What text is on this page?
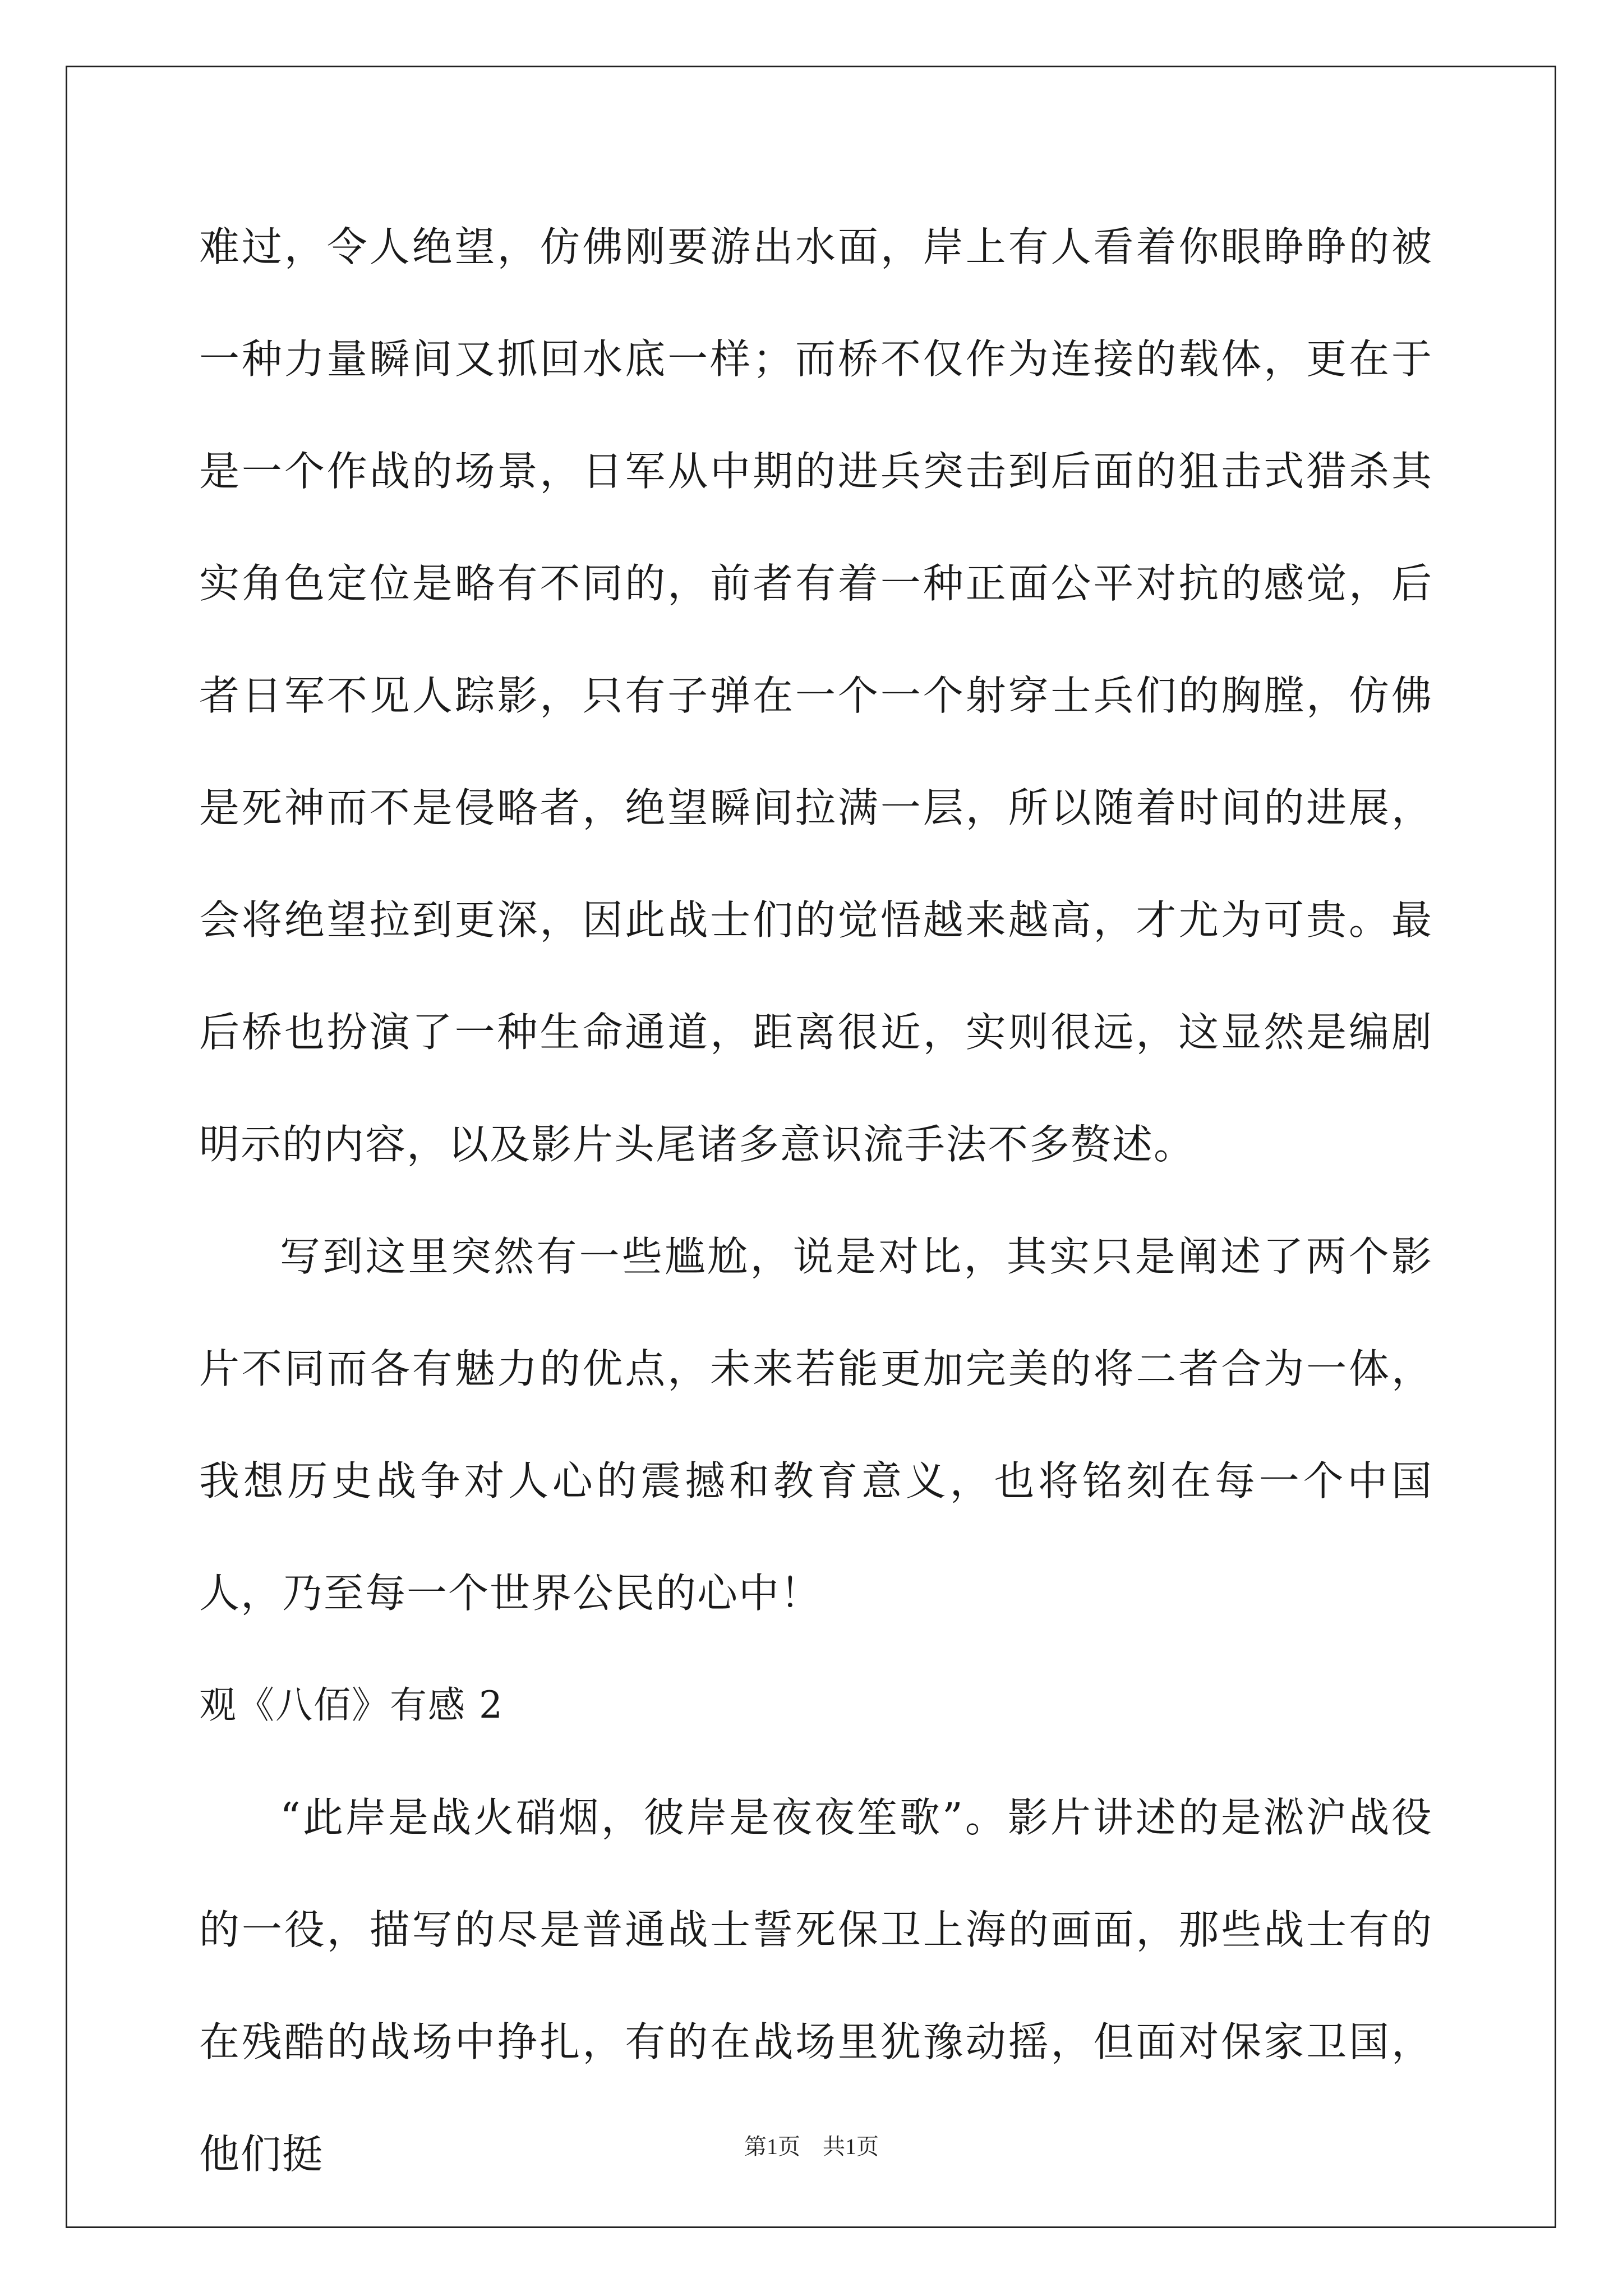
难过，令人绝望，仿佛刚要游出水面，岸上有人看着你眼睁睁的被一种力量瞬间又抓回水底一样；而桥不仅作为连接的载体，更在于是一个作战的场景，日军从中期的进兵突击到后面的狙击式猎杀其实角色定位是略有不同的，前者有着一种正面公平对抗的感觉，后者日军不见人踪影，只有子弹在一个一个射穿士兵们的胸膛，仿佛是死神而不是侵略者，绝望瞬间拉满一层，所以随着时间的进展，会将绝望拉到更深，因此战士们的觉悟越来越高，才尤为可贵。最后桥也扮演了一种生命通道，距离很近，实则很远，这显然是编剧明示的内容，以及影片头尾诸多意识流手法不多赘述。

写到这里突然有一些尴尬，说是对比，其实只是阐述了两个影片不同而各有魅力的优点，未来若能更加完美的将二者合为一体，我想历史战争对人心的震撼和教育意义，也将铭刻在每一个中国人，乃至每一个世界公民的心中！

观《八佰》有感 2

“此岸是战火硝烟，彼岸是夜夜笙歌”。影片讲述的是淞沪战役的一役，描写的尽是普通战士誓死保卫上海的画面，那些战士有的在残酷的战场中挣扎，有的在战场里犹豫动摇，但面对保家卫国，他们挺	第1页 共1页
